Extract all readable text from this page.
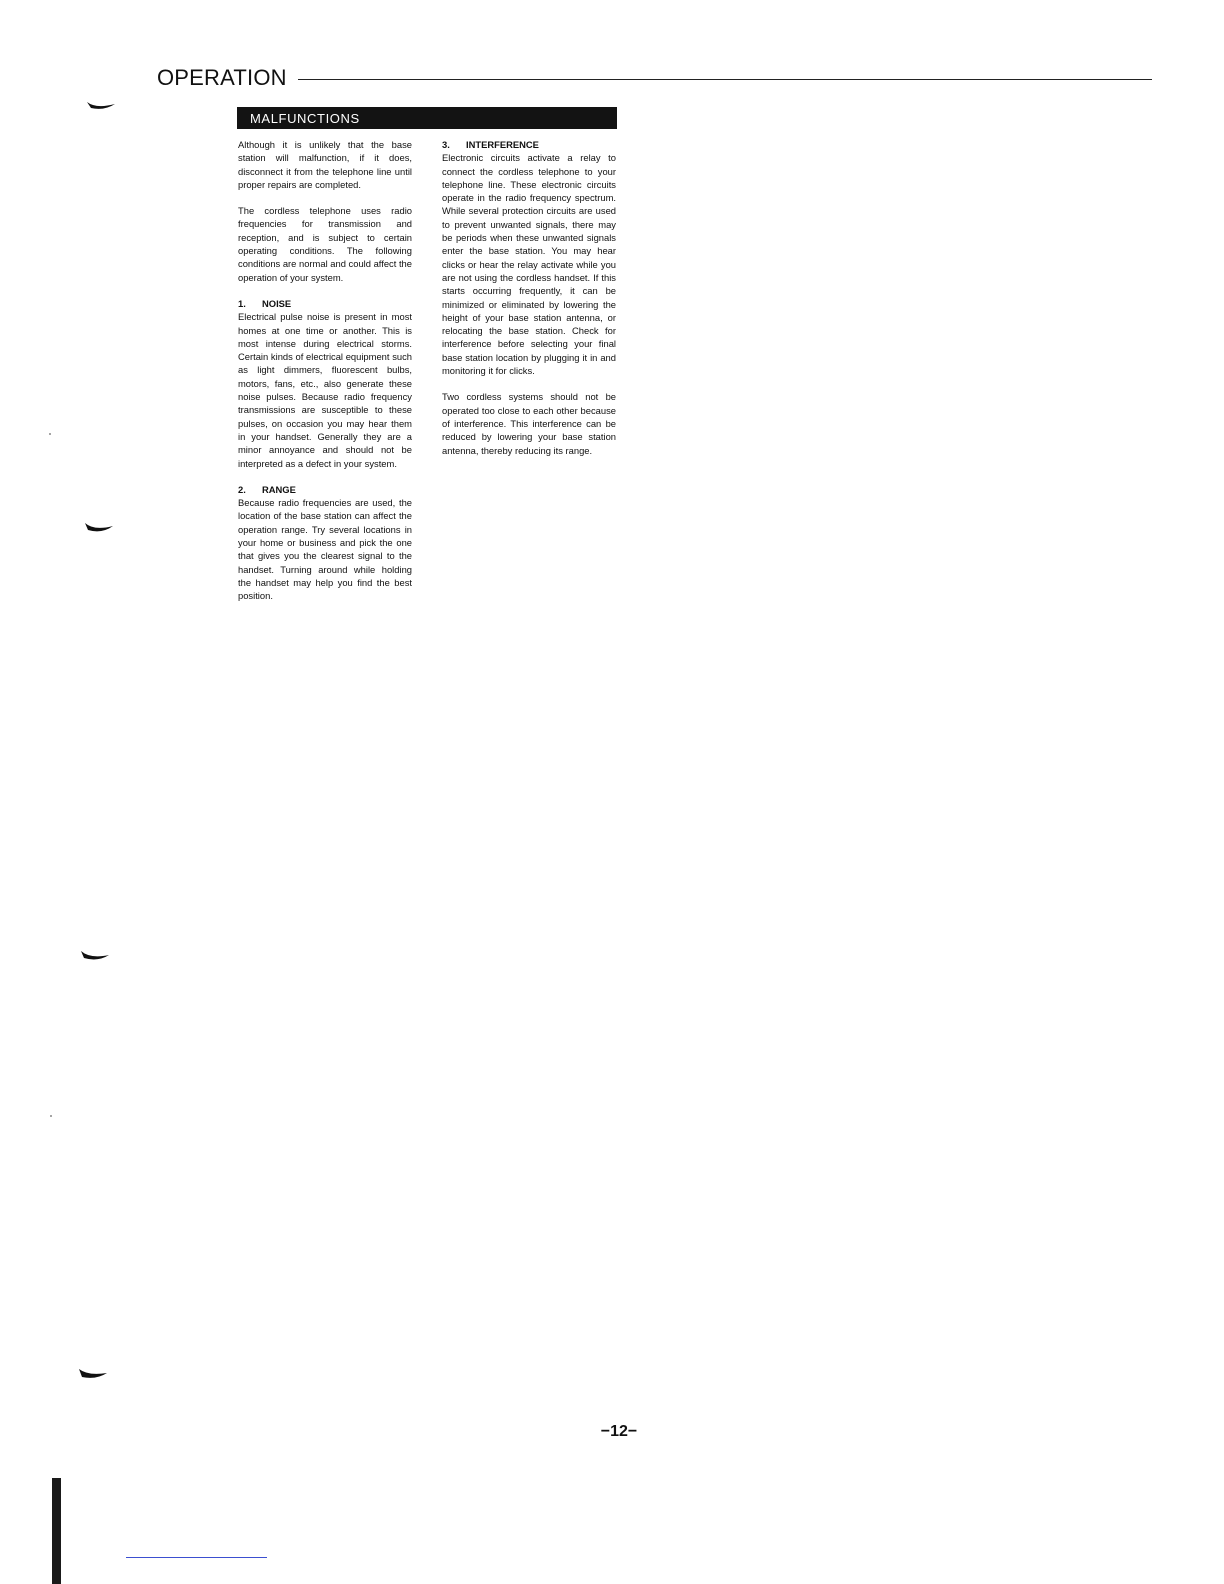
OPERATION
MALFUNCTIONS

Although it is unlikely that the base station will malfunction, if it does, disconnect it from the telephone line until proper repairs are completed.

The cordless telephone uses radio frequencies for transmission and reception, and is subject to certain operating conditions. The following conditions are normal and could affect the operation of your system.

1. NOISE

Electrical pulse noise is present in most homes at one time or another. This is most intense during electrical storms. Certain kinds of electrical equipment such as light dimmers, fluorescent bulbs, motors, fans, etc., also generate these noise pulses. Because radio frequency transmissions are susceptible to these pulses, on occasion you may hear them in your handset. Generally they are a minor annoyance and should not be interpreted as a defect in your system.

2. RANGE

Because radio frequencies are used, the location of the base station can affect the operation range. Try several locations in your home or business and pick the one that gives you the clearest signal to the handset. Turning around while holding the handset may help you find the best position.

3. INTERFERENCE

Electronic circuits activate a relay to connect the cordless telephone to your telephone line. These electronic circuits operate in the radio frequency spectrum. While several protection circuits are used to prevent unwanted signals, there may be periods when these unwanted signals enter the base station. You may hear clicks or hear the relay activate while you are not using the cordless handset. If this starts occurring frequently, it can be minimized or eliminated by lowering the height of your base station antenna, or relocating the base station. Check for interference before selecting your final base station location by plugging it in and monitoring it for clicks.

Two cordless systems should not be operated too close to each other because of interference. This interference can be reduced by lowering your base station antenna, thereby reducing its range.

−12−
